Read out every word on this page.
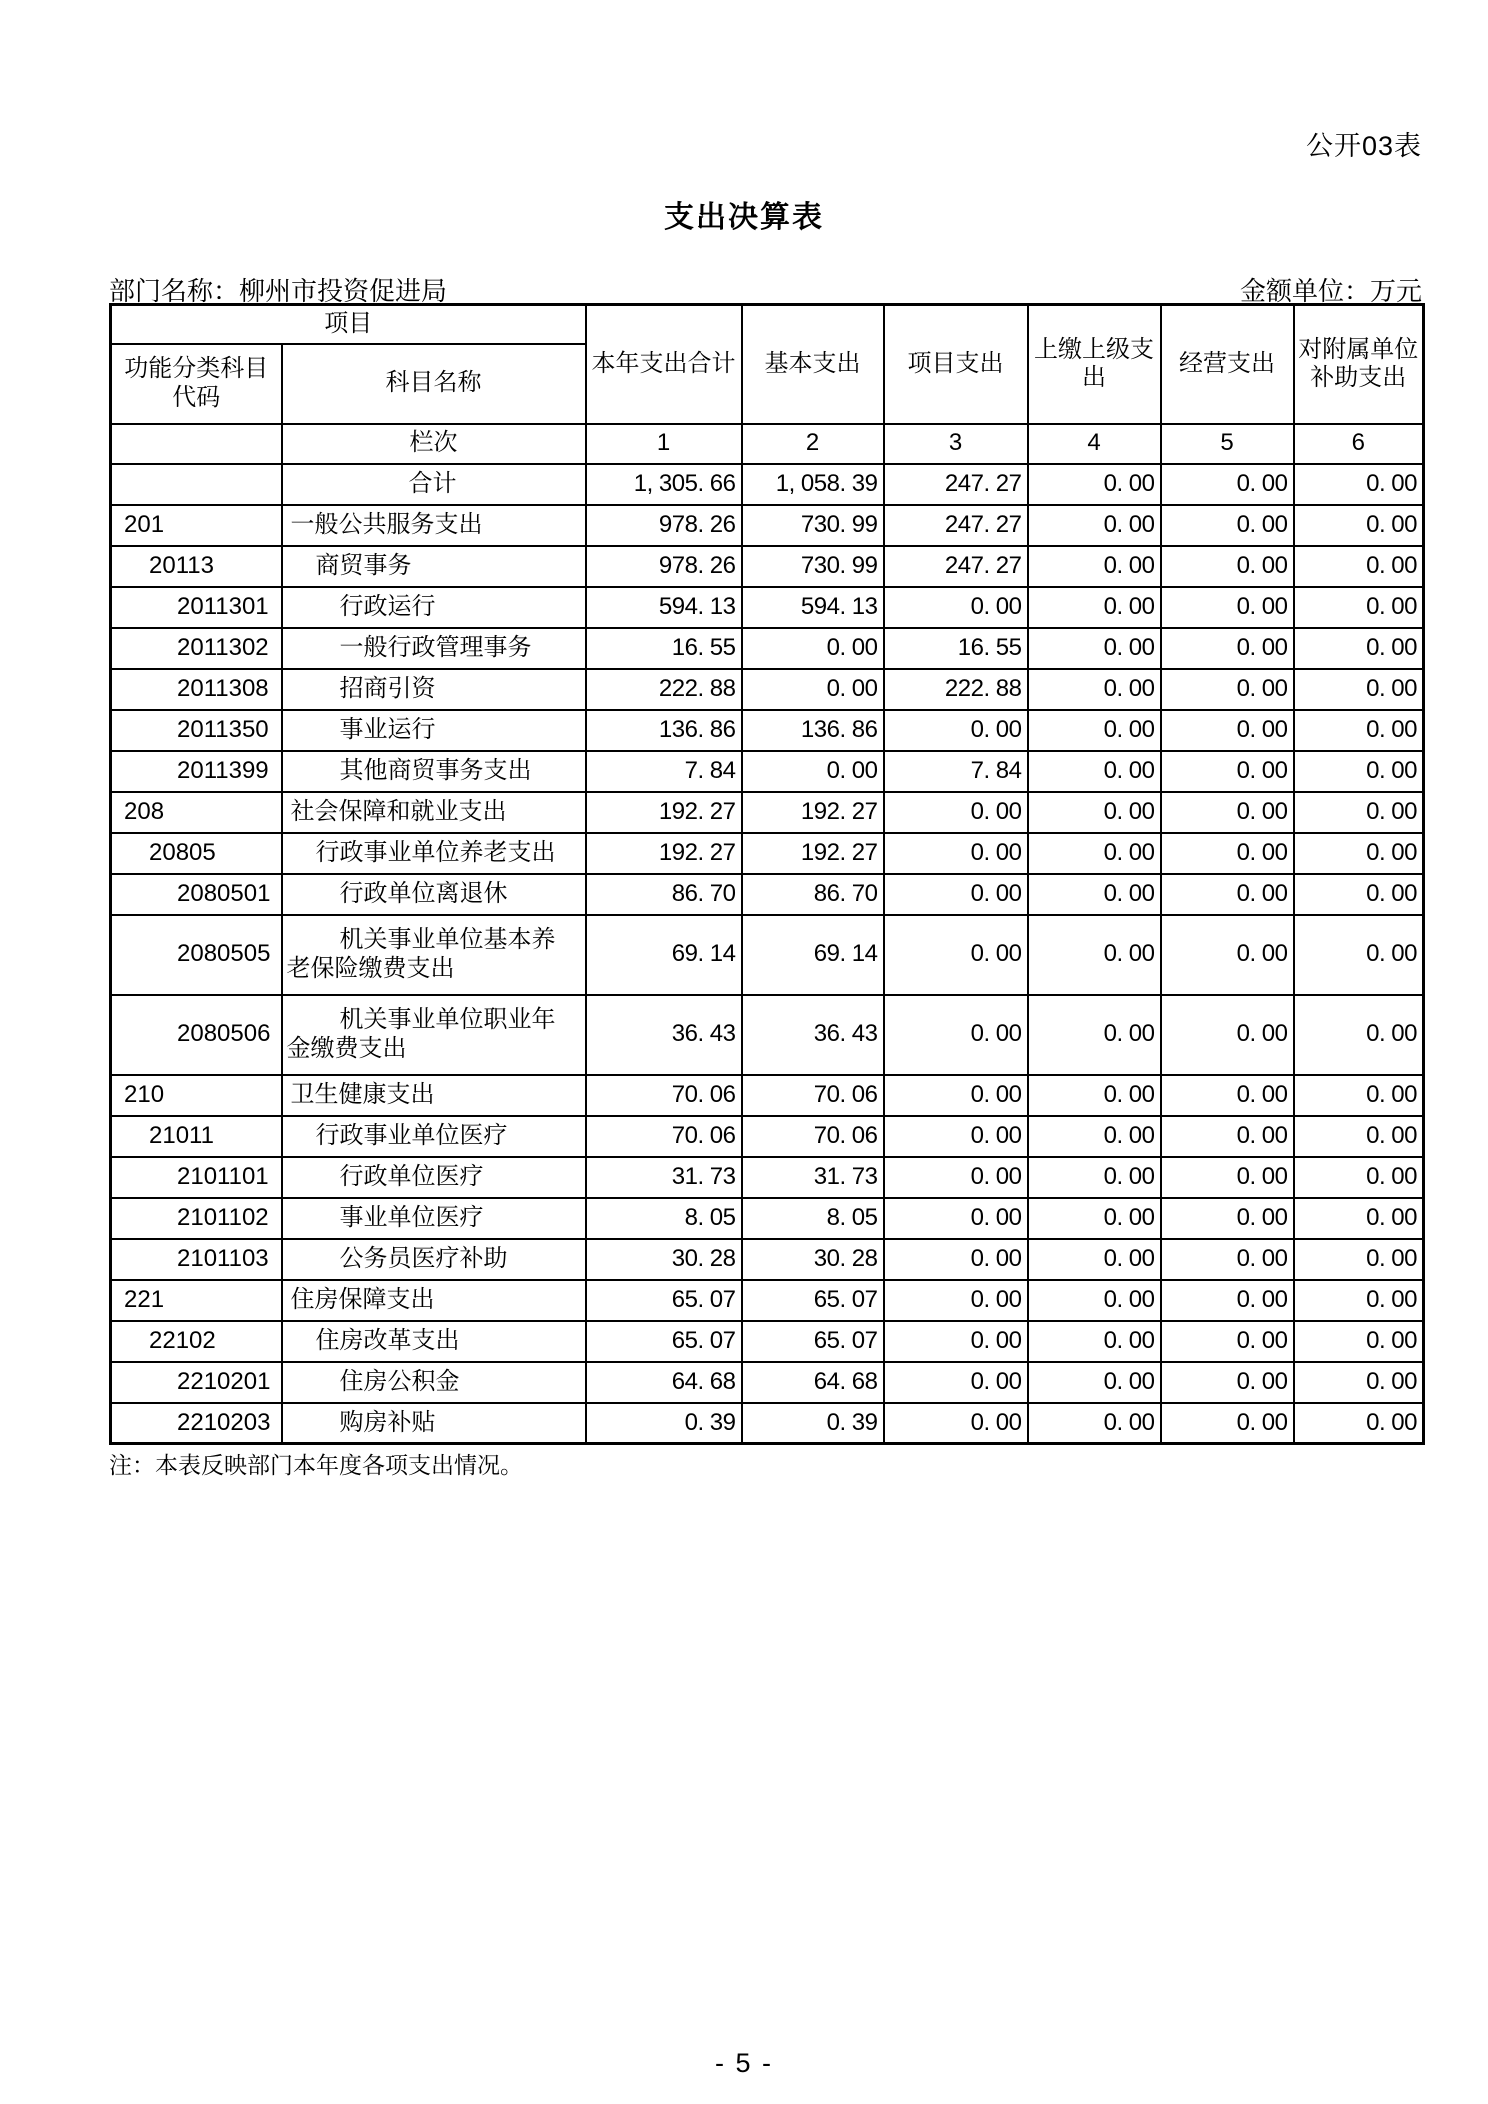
公开03表
支出决算表
部门名称：柳州市投资促进局	金额单位：万元
项目		本年支出合计	基本支出	项目支出	上缴上级支出	经营支出	对附属单位补助支出
功能分类科目代码	科目名称						
	栏次	1	2	3	4	5	6
	合计	1, 305. 66	1, 058. 39	247. 27	0. 00	0. 00	0. 00
201	一般公共服务支出	978. 26	730. 99	247. 27	0. 00	0. 00	0. 00
20113	商贸事务	978. 26	730. 99	247. 27	0. 00	0. 00	0. 00
2011301	行政运行	594. 13	594. 13	0. 00	0. 00	0. 00	0. 00
2011302	一般行政管理事务	16. 55	0. 00	16. 55	0. 00	0. 00	0. 00
2011308	招商引资	222. 88	0. 00	222. 88	0. 00	0. 00	0. 00
2011350	事业运行	136. 86	136. 86	0. 00	0. 00	0. 00	0. 00
2011399	其他商贸事务支出	7. 84	0. 00	7. 84	0. 00	0. 00	0. 00
208	社会保障和就业支出	192. 27	192. 27	0. 00	0. 00	0. 00	0. 00
20805	行政事业单位养老支出	192. 27	192. 27	0. 00	0. 00	0. 00	0. 00
2080501	行政单位离退休	86. 70	86. 70	0. 00	0. 00	0. 00	0. 00
2080505	机关事业单位基本养老保险缴费支出	69. 14	69. 14	0. 00	0. 00	0. 00	0. 00
2080506	机关事业单位职业年金缴费支出	36. 43	36. 43	0. 00	0. 00	0. 00	0. 00
210	卫生健康支出	70. 06	70. 06	0. 00	0. 00	0. 00	0. 00
21011	行政事业单位医疗	70. 06	70. 06	0. 00	0. 00	0. 00	0. 00
2101101	行政单位医疗	31. 73	31. 73	0. 00	0. 00	0. 00	0. 00
2101102	事业单位医疗	8. 05	8. 05	0. 00	0. 00	0. 00	0. 00
2101103	公务员医疗补助	30. 28	30. 28	0. 00	0. 00	0. 00	0. 00
221	住房保障支出	65. 07	65. 07	0. 00	0. 00	0. 00	0. 00
22102	住房改革支出	65. 07	65. 07	0. 00	0. 00	0. 00	0. 00
2210201	住房公积金	64. 68	64. 68	0. 00	0. 00	0. 00	0. 00
2210203	购房补贴	0. 39	0. 39	0. 00	0. 00	0. 00	0. 00
注：本表反映部门本年度各项支出情况。
- 5 -
